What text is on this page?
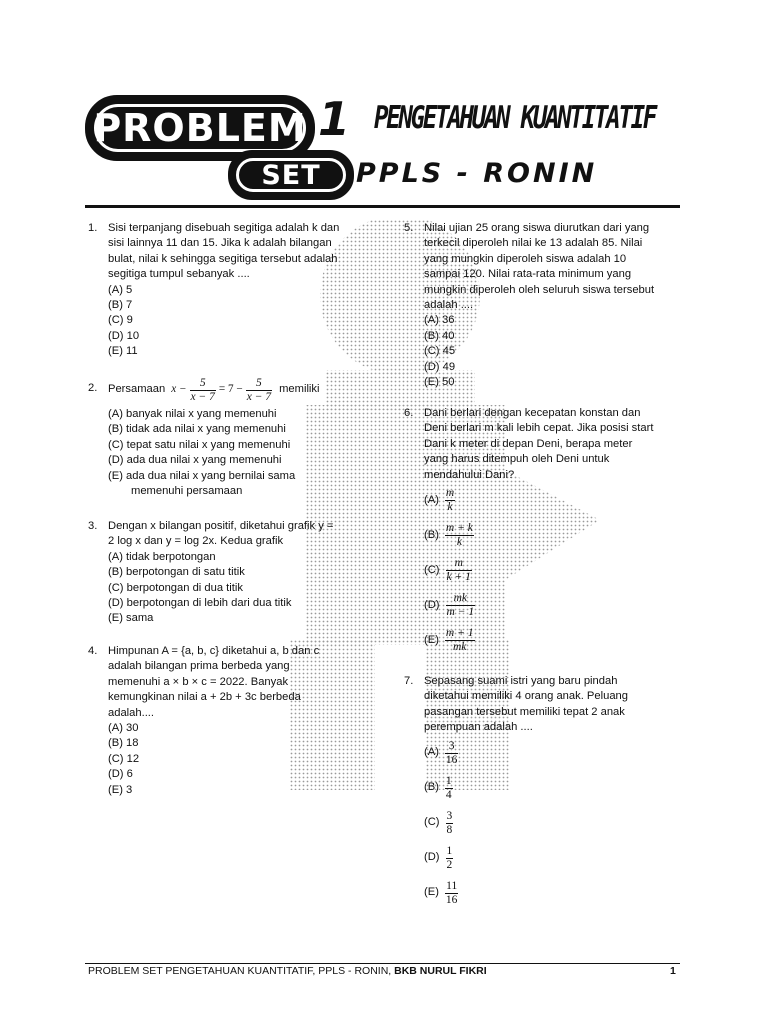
PROBLEM
SET
1 PENGETAHUAN KUANTITATIF
PPLS - RONIN
1. Sisi terpanjang disebuah segitiga adalah k dan
sisi lainnya 11 dan 15. Jika k adalah bilangan
bulat, nilai k sehingga segitiga tersebut adalah
segitiga tumpul sebanyak ....
(A) 5
(B) 7
(C) 9
(D) 10
(E) 11
2. Persamaan $x - \frac{5}{x - 7} = 7 - \frac{5}{x - 7}$ memiliki
(A) banyak nilai x yang memenuhi
(B) tidak ada nilai x yang memenuhi
(C) tepat satu nilai x yang memenuhi
(D) ada dua nilai x yang memenuhi
(E) ada dua nilai x yang bernilai sama
memenuhi persamaan
3. Dengan x bilangan positif, diketahui grafik y =
2 log x dan y = log 2x. Kedua grafik
(A) tidak berpotongan
(B) berpotongan di satu titik
(C) berpotongan di dua titik
(D) berpotongan di lebih dari dua titik
(E) sama
4. Himpunan A = {a, b, c} diketahui a, b dan c
adalah bilangan prima berbeda yang
memenuhi a × b × c = 2022. Banyak
kemungkinan nilai a + 2b + 3c berbeda
adalah....
(A) 30
(B) 18
(C) 12
(D) 6
(E) 3
5. Nilai ujian 25 orang siswa diurutkan dari yang
terkecil diperoleh nilai ke 13 adalah 85. Nilai
yang mungkin diperoleh siswa adalah 10
sampai 120. Nilai rata-rata minimum yang
mungkin diperoleh oleh seluruh siswa tersebut
adalah ....
(A) 36
(B) 40
(C) 45
(D) 49
(E) 50
6. Dani berlari dengan kecepatan konstan dan
Deni berlari m kali lebih cepat. Jika posisi start
Dani k meter di depan Deni, berapa meter
yang harus ditempuh oleh Deni untuk
mendahului Dani?
$(A) \frac{m}{k}$
$(B) \frac{m + k}{k}$
$(C) \frac{m}{k + 1}$
$(D) \frac{mk}{m - 1}$
$(E) \frac{m + 1}{mk}$
7. Sepasang suami istri yang baru pindah
diketahui memiliki 4 orang anak. Peluang
pasangan tersebut memiliki tepat 2 anak
perempuan adalah ....
$(A) \frac{3}{16}$
$(B) \frac{1}{4}$
$(C) \frac{3}{8}$
$(D) \frac{1}{2}$
$(E) \frac{11}{16}$
PROBLEM SET PENGETAHUAN KUANTITATIF, PPLS - RONIN, BKB NURUL FIKRI	1
